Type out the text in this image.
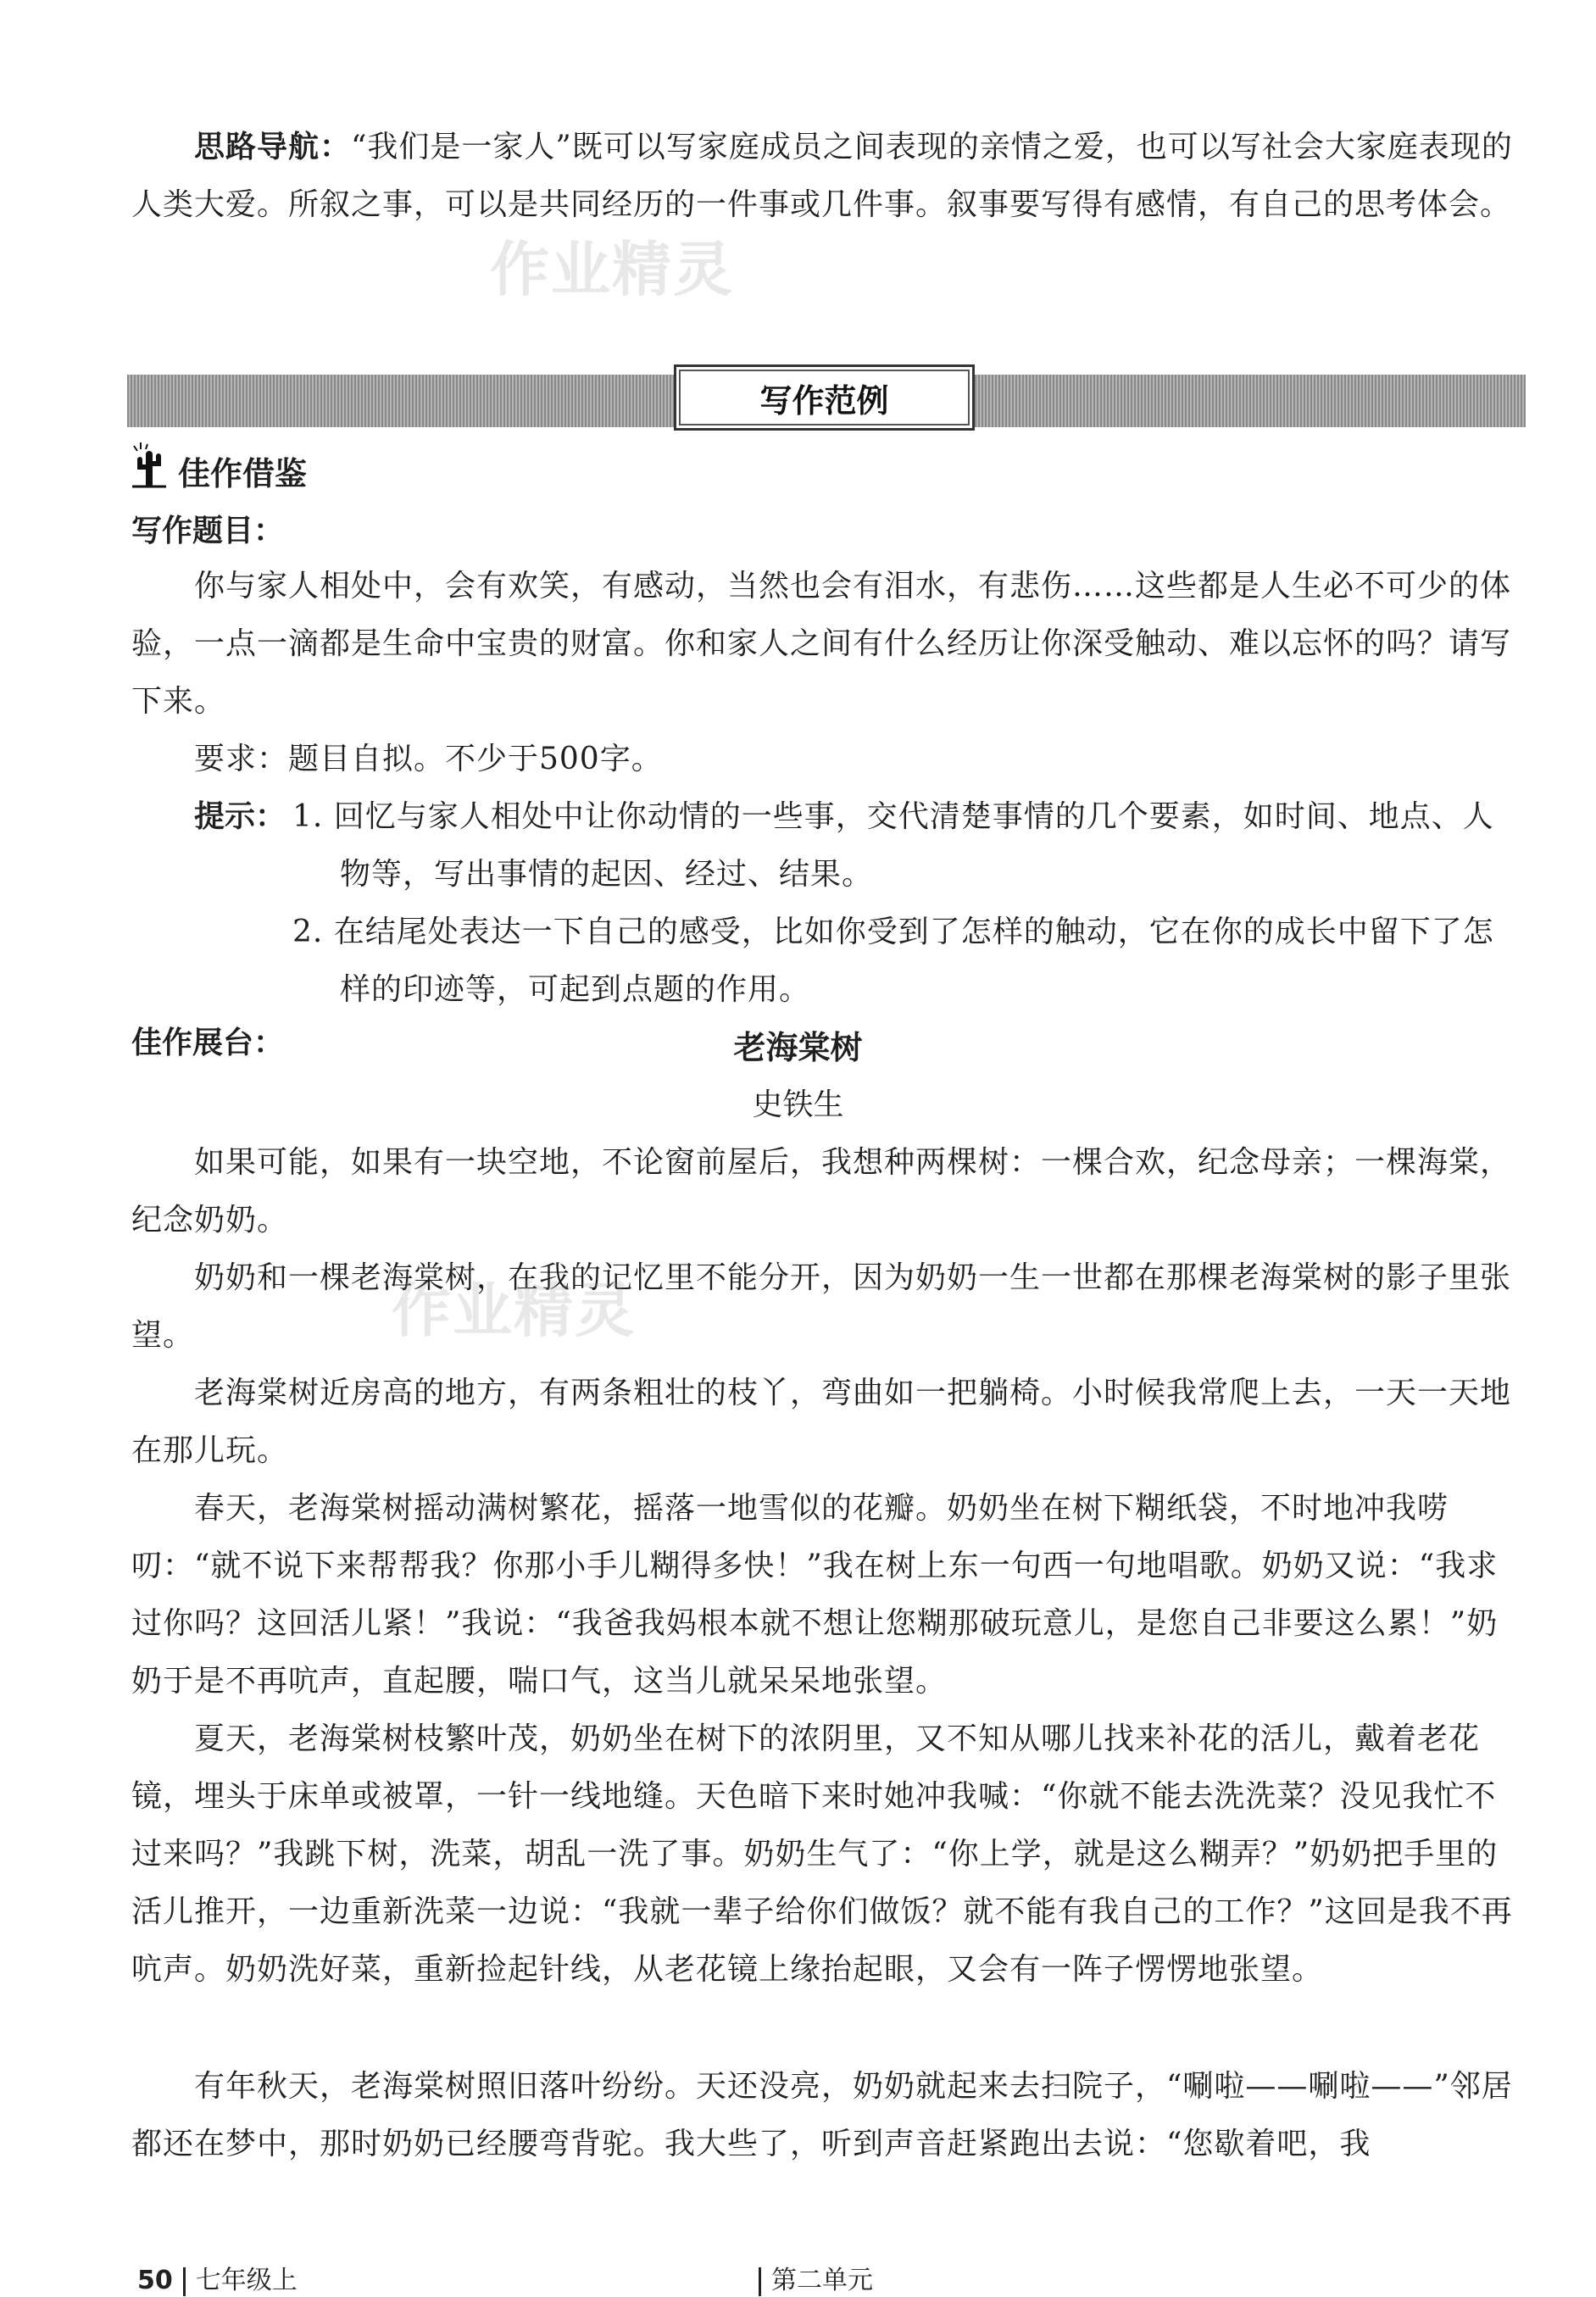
思路导航：“我们是一家人”既可以写家庭成员之间表现的亲情之爱，也可以写社会大家庭表现的人类大爱。所叙之事，可以是共同经历的一件事或几件事。叙事要写得有感情，有自己的思考体会。

作业精灵
写作范例
佳作借鉴
写作题目：

你与家人相处中，会有欢笑，有感动，当然也会有泪水，有悲伤……这些都是人生必不可少的体验，一点一滴都是生命中宝贵的财富。你和家人之间有什么经历让你深受触动、难以忘怀的吗？请写下来。

要求：题目自拟。不少于500字。

提示： 1. 回忆与家人相处中让你动情的一些事，交代清楚事情的几个要素，如时间、地点、人物等，写出事情的起因、经过、结果。

2. 在结尾处表达一下自己的感受，比如你受到了怎样的触动，它在你的成长中留下了怎样的印迹等，可起到点题的作用。

佳作展台：	老海棠树
史铁生

如果可能，如果有一块空地，不论窗前屋后，我想种两棵树：一棵合欢，纪念母亲；一棵海棠，纪念奶奶。

奶奶和一棵老海棠树，在我的记忆里不能分开，因为奶奶一生一世都在那棵老海棠树的影子里张望。	作业精灵

老海棠树近房高的地方，有两条粗壮的枝丫，弯曲如一把躺椅。小时候我常爬上去，一天一天地在那儿玩。

春天，老海棠树摇动满树繁花，摇落一地雪似的花瓣。奶奶坐在树下糊纸袋，不时地冲我唠叨：“就不说下来帮帮我？你那小手儿糊得多快！”我在树上东一句西一句地唱歌。奶奶又说：“我求过你吗？这回活儿紧！”我说：“我爸我妈根本就不想让您糊那破玩意儿，是您自己非要这么累！”奶奶于是不再吭声，直起腰，喘口气，这当儿就呆呆地张望。

夏天，老海棠树枝繁叶茂，奶奶坐在树下的浓阴里，又不知从哪儿找来补花的活儿，戴着老花镜，埋头于床单或被罩，一针一线地缝。天色暗下来时她冲我喊：“你就不能去洗洗菜？没见我忙不过来吗？”我跳下树，洗菜，胡乱一洗了事。奶奶生气了：“你上学，就是这么糊弄？”奶奶把手里的活儿推开，一边重新洗菜一边说：“我就一辈子给你们做饭？就不能有我自己的工作？”这回是我不再吭声。奶奶洗好菜，重新捡起针线，从老花镜上缘抬起眼，又会有一阵子愣愣地张望。

有年秋天，老海棠树照旧落叶纷纷。天还没亮，奶奶就起来去扫院子，“唰啦——唰啦——”邻居都还在梦中，那时奶奶已经腰弯背驼。我大些了，听到声音赶紧跑出去说：“您歇着吧，我

50 七年级上	第二单元
